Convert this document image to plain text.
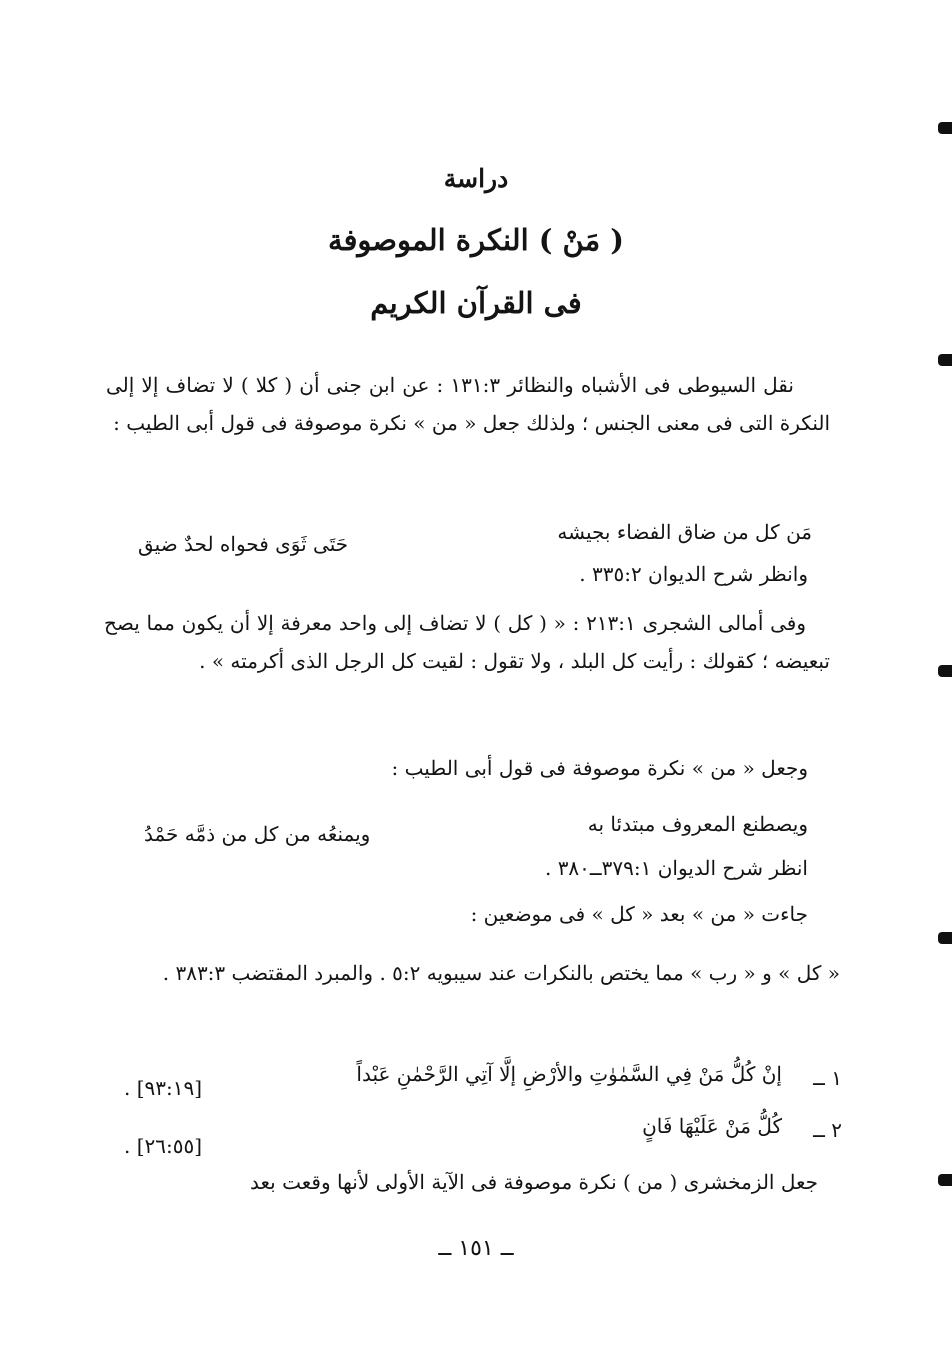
دراسة
( مَنْ ) النكرة الموصوفة
فى القرآن الكريم
نقل السيوطى فى الأشباه والنظائر ١٣١:٣ : عن ابن جنى أن ( كلا ) لا تضاف إلا إلى النكرة التى فى معنى الجنس ؛ ولذلك جعل « من » نكرة موصوفة فى قول أبى الطيب :
مَن كل من ضاق الفضاء بجيشه
حَتَى ثَوَى فحواه لحدٌ ضيق
وانظر شرح الديوان ٣٣٥:٢ .
وفى أمالى الشجرى ٢١٣:١ : « ( كل ) لا تضاف إلى واحد معرفة إلا أن يكون مما يصح تبعيضه ؛ كقولك : رأيت كل البلد ، ولا تقول : لقيت كل الرجل الذى أكرمته » .
وجعل « من » نكرة موصوفة فى قول أبى الطيب :
ويصطنع المعروف مبتدئا به
ويمنعُه من كل من ذمَّه حَمْدُ
انظر شرح الديوان ٣٧٩:١ــ٣٨٠ .
جاءت « من » بعد « كل » فى موضعين :
« كل » و « رب » مما يختص بالنكرات عند سيبويه ٥:٢ . والمبرد المقتضب ٣٨٣:٣ .
١ ــ
إنْ كُلُّ مَنْ فِي السَّمٰوٰتِ والأرْضِ إلَّا آتِي الرَّحْمٰنِ عَبْداً
[٩٣:١٩] .
٢ ــ
كُلُّ مَنْ عَلَيْهَا فَانٍ
[٢٦:٥٥] .
جعل الزمخشرى ( من ) نكرة موصوفة فى الآية الأولى لأنها وقعت بعد
ــ ١٥١ ــ
